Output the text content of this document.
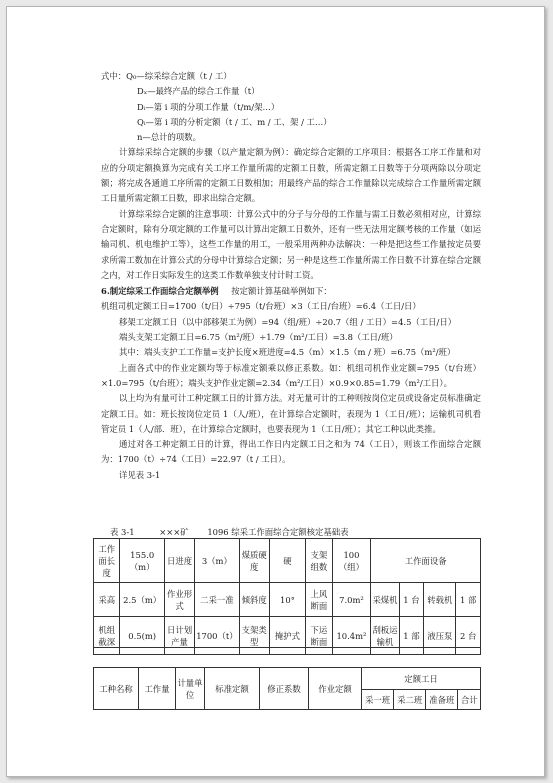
式中：Q₀—综采综合定额（t / 工）
Dₓ—最终产品的综合工作量（t）
Dᵢ—第 i 项的分项工作量（t/m/架…）
Qᵢ—第 i 项的分析定额（t / 工、m / 工、架 / 工…）
n—总计的项数。
计算综采综合定额的步骤（以产量定额为例）：确定综合定额的工序项目：根据各工序工作量和对应的分项定额换算为完成有关工序工作量所需的定额工日数，所需定额工日数等于分项两除以分项定额；将完成各通道工序所需的定额工日数相加；用最终产品的综合工作量除以完成综合工作量所需定额工日量所需定额工日数，即求出综合定额。
计算综采综合定额的注意事项：计算公式中的分子与分母的工作量与需工日数必须相对应，计算综合定额时，除有分项定额的工作量可以计算出定额工日数外，还有一些无法用定额考核的工作量（如运输司机、机电维护工等），这些工作量的用工，一般采用两种办法解决：一种是把这些工作量按定员要求所需工数加在计算公式的分母中计算综合定额；另一种是这些工作量所需工作日数不计算在综合定额之内，对工作日实际发生的这类工作数单独支付计时工资。
6.制定综采工作面综合定额举例 按定额计算基础举例如下：
机组司机定额工日=1700（t/日）÷795（t/台班）×3（工日/台班）=6.4（工日/日）
移架工定额工日（以中部移架工为例）=94（组/班）÷20.7（组 / 工日）=4.5（工日/日）
端头支架工定额工日=6.75（m²/班）÷1.79（m²/工日）=3.8（工日/班）
其中：端头支护工工作量=支护长度×班进度=4.5（m）×1.5（m / 班）=6.75（m²/班）
上面各式中的作业定额均等于标准定额乘以修正系数。如：机组司机作业定额=795（t/台班）×1.0=795（t/台班）；端头支护作业定额=2.34（m²/工日）×0.9×0.85=1.79（m²/工日）。
以上均为有量可计工种定额工日的计算方法。对无量可计的工种则按岗位定员或设备定员标准确定定额工日。如：班长按岗位定员 1（人/班），在计算综合定额时，表现为 1（工日/班）；运输机司机看管定员 1（人/部．班），在计算综合定额时，也要表现为 1（工日/班）；其它工种以此类推。
通过对各工种定额工日的计算，得出工作日内定额工日之和为 74（工日），则该工作面综合定额为：1700（t）÷74（工日）=22.97（t / 工日）。
详见表 3-1
表 3-1	×××矿 1096 综采工作面综合定额核定基础表
工作面长度	155.0（m）	日进度	3（m）	煤质硬度	硬	支架组数	100（组）	工作面设备			
采高	2.5（m）	作业形式	二采一准	倾斜度	10°	上风断面	7.0m²	采煤机	1 台	转载机	1 部
机组截深	0.5(m)	日计划产量	1700（t）	支架类型	掩护式	下运断面	10.4m²	刮板运输机	1 部	液压泵	2 台
工种名称	工作量	计量单位	标准定额	修正系数	作业定额	定额工日			
						采一班	采二班	准备班	合计
